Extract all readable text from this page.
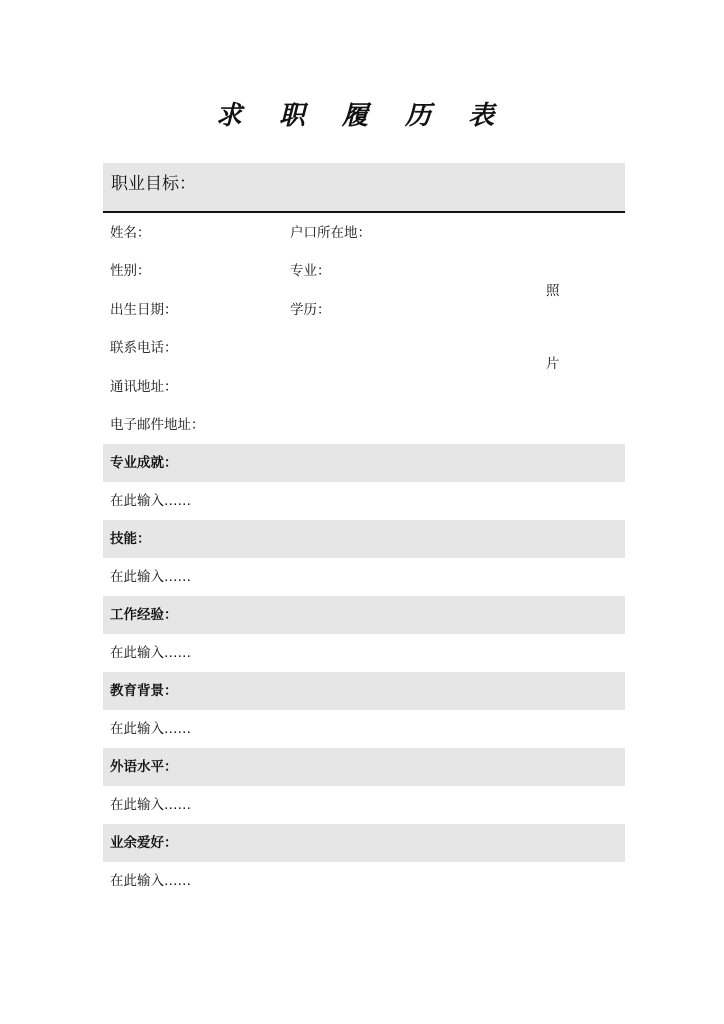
求 职 履 历 表
职业目标：
姓名：	户口所在地：
性别：	专业：
出生日期：	学历：
联系电话：
通讯地址：
电子邮件地址：
照
片
专业成就：
在此输入……
技能：
在此输入……
工作经验：
在此输入……
教育背景：
在此输入……
外语水平：
在此输入……
业余爱好：
在此输入……
